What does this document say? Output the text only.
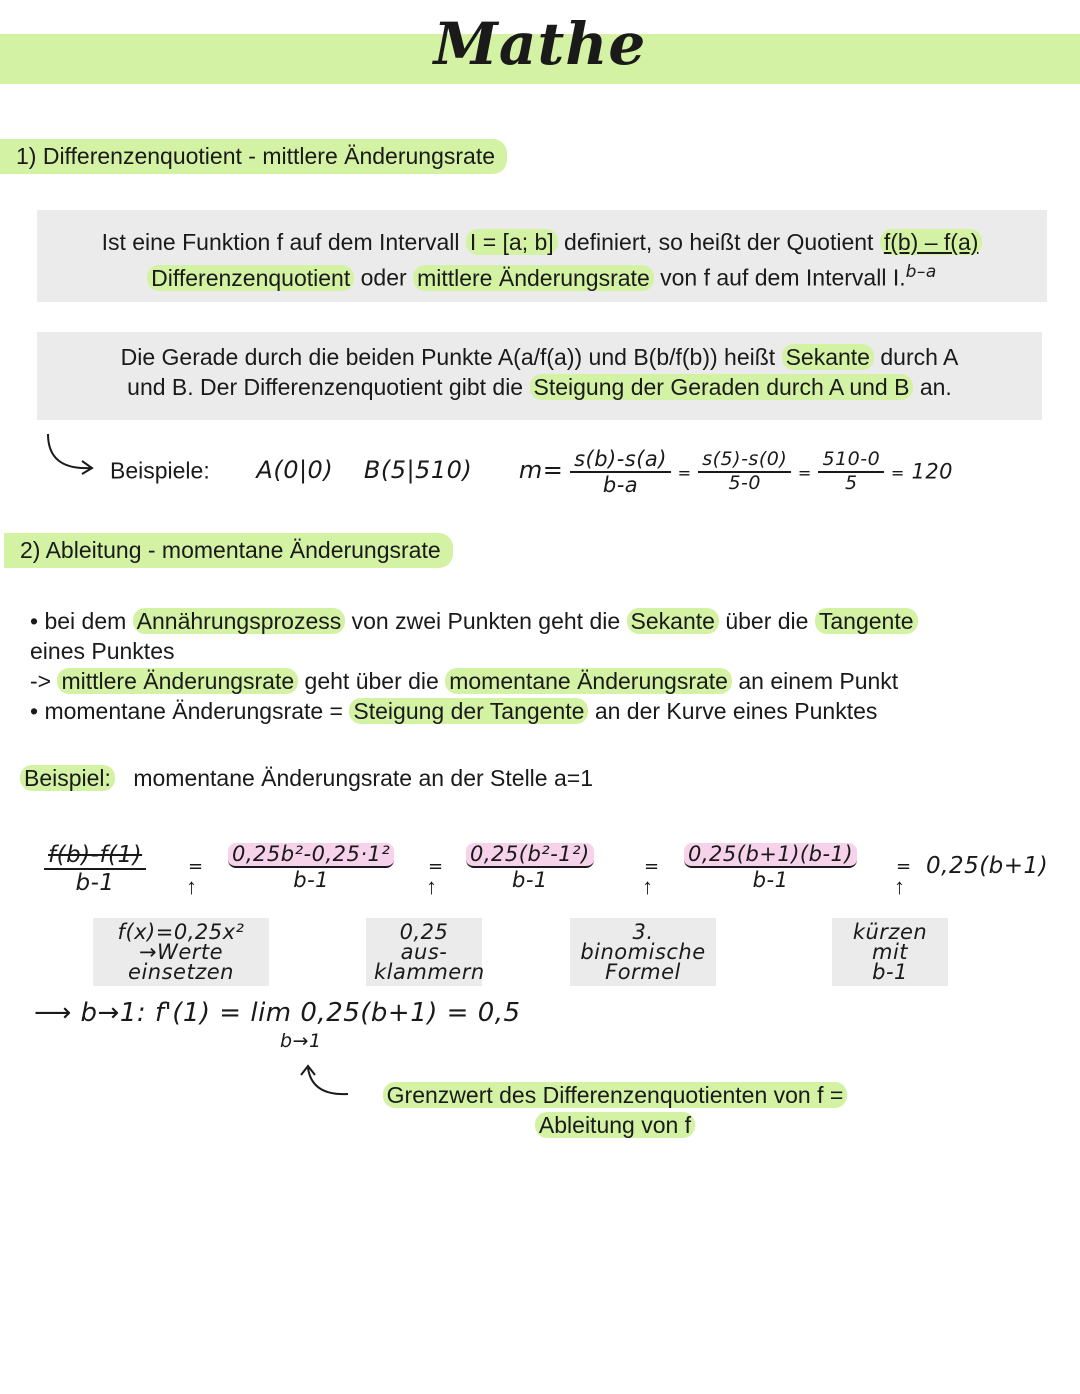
Mathe
1) Differenzenquotient - mittlere Änderungsrate
Ist eine Funktion f auf dem Intervall I = [a; b] definiert, so heißt der Quotient f(b) – f(a)
Differenzenquotient oder mittlere Änderungsrate von f auf dem Intervall I.$^{b-a}$
Die Gerade durch die beiden Punkte A(a/f(a)) und B(b/f(b)) heißt Sekante durch A
und B. Der Differenzenquotient gibt die Steigung der Geraden durch A und B an.
Beispiele: A(0|0) B(5|510) $m= \frac{s(b)-s(a)}{b-a} = \frac{s(5)-s(0)}{5-0} = \frac{510-0}{5} = 120$
2) Ableitung - momentane Änderungsrate
• bei dem Annährungsprozess von zwei Punkten geht die Sekante über die Tangente
eines Punktes
-> mittlere Änderungsrate geht über die momentane Änderungsrate an einem Punkt
• momentane Änderungsrate = Steigung der Tangente an der Kurve eines Punktes
Beispiel: momentane Änderungsrate an der Stelle a=1
$\frac{f(b)-f(1)}{b-1}$ =
↑ $\frac{\text{0,25b²-0,25·1²}}{b-1}$ =
↑ $\frac{\text{0,25(b²-1²)}}{b-1}$	=
↑ $\frac{0,25(b+1)(b-1)}{b-1}$ =
↑
0,25(b+1)
f(x)=0,25x²
→Werte einsetzen
0,25 aus-
klammern
3. binomische
Formel
kürzen mit
b-1
⟶ b→1: f'(1) = lim 0,25(b+1) = 0,5
b→1
Grenzwert des Differenzenquotienten von f =
Ableitung von f
